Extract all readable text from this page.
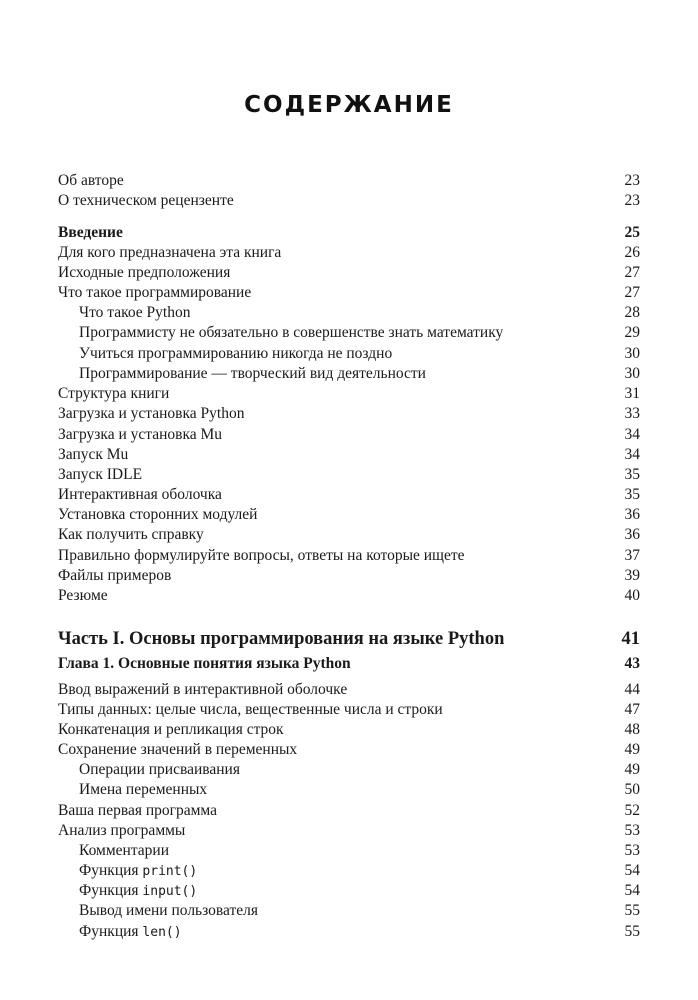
СОДЕРЖАНИЕ
Об авторе	23
О техническом рецензенте	23
Введение	25
Для кого предназначена эта книга	26
Исходные предположения	27
Что такое программирование	27
Что такое Python	28
Программисту не обязательно в совершенстве знать математику	29
Учиться программированию никогда не поздно	30
Программирование — творческий вид деятельности	30
Структура книги	31
Загрузка и установка Python	33
Загрузка и установка Mu	34
Запуск Mu	34
Запуск IDLE	35
Интерактивная оболочка	35
Установка сторонних модулей	36
Как получить справку	36
Правильно формулируйте вопросы, ответы на которые ищете	37
Файлы примеров	39
Резюме	40
Часть I. Основы программирования на языке Python	41
Глава 1. Основные понятия языка Python	43
Ввод выражений в интерактивной оболочке	44
Типы данных: целые числа, вещественные числа и строки	47
Конкатенация и репликация строк	48
Сохранение значений в переменных	49
Операции присваивания	49
Имена переменных	50
Ваша первая программа	52
Анализ программы	53
Комментарии	53
Функция print()	54
Функция input()	54
Вывод имени пользователя	55
Функция len()	55
